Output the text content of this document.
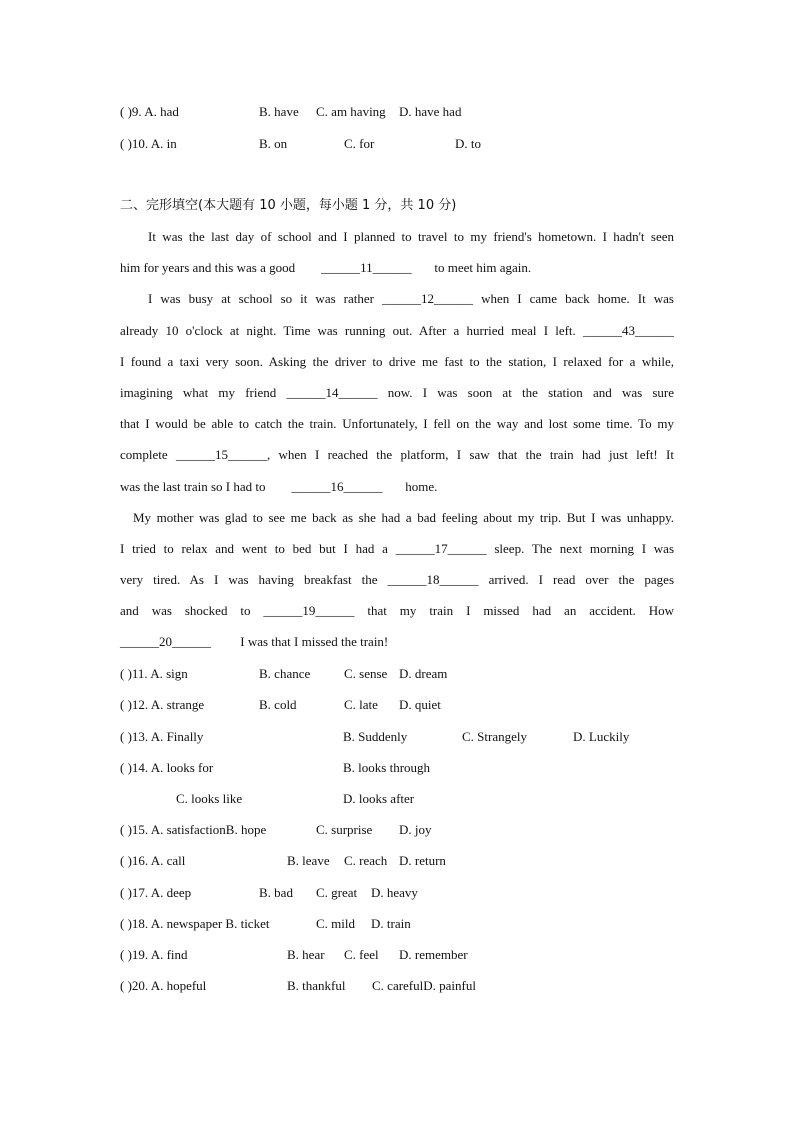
( )9. A. had	B. have C. am having D. have had
( )10. A. in	B. on	C. for	D. to
二、完形填空(本大题有 10 小题，每小题 1 分，共 10 分)
It was the last day of school and I planned to travel to my friend's hometown. I hadn't seen
him for years and this was a good ______11______ to meet him again.
I was busy at school so it was rather ______12______ when I came back home. It was
already 10 o'clock at night. Time was running out. After a hurried meal I left. ______43______
I found a taxi very soon. Asking the driver to drive me fast to the station, I relaxed for a while,
imagining what my friend ______14______ now. I was soon at the station and was sure
that I would be able to catch the train. Unfortunately, I fell on the way and lost some time. To my
complete ______15______, when I reached the platform, I saw that the train had just left! It
was the last train so I had to ______16______ home.
My mother was glad to see me back as she had a bad feeling about my trip. But I was unhappy.
I tried to relax and went to bed but I had a ______17______ sleep. The next morning I was
very tired. As I was having breakfast the ______18______ arrived. I read over the pages
and was shocked to ______19______ that my train I missed had an accident. How
______20______ I was that I missed the train!
( )11. A. sign	B. chance	C. sense D. dream
( )12. A. strange	B. cold	C. late D. quiet
( )13. A. Finally	B. Suddenly	C. Strangely	D. Luckily
( )14. A. looks for	B. looks through
C. looks like	D. looks after
( )15. A. satisfactionB. hope	C. surprise D. joy
( )16. A. call	B. leave C. reach D. return
( )17. A. deep	B. bad C. great D. heavy
( )18. A. newspaper B. ticket	C. mild D. train
( )19. A. find	B. hear C. feel D. remember
( )20. A. hopeful	B. thankful C. carefulD. painful
